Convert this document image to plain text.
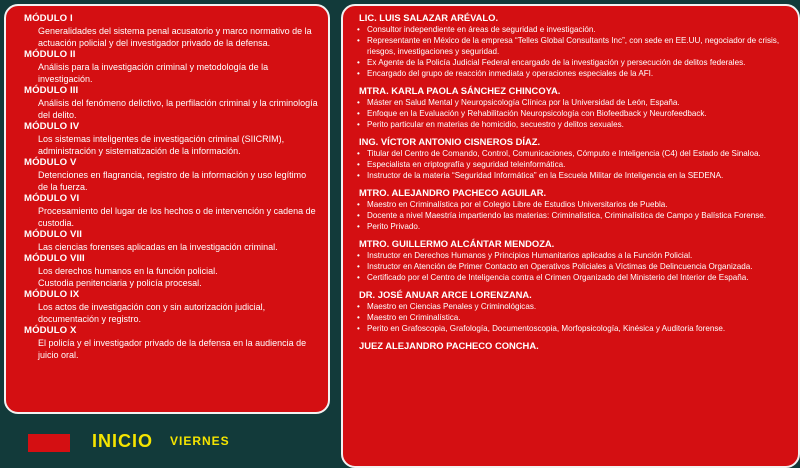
MÓDULO I
Generalidades del sistema penal acusatorio y marco normativo de la actuación policial y del investigador privado de la defensa.
MÓDULO II
Análisis para la investigación criminal y metodología de la investigación.
MÓDULO III
Análisis del fenómeno delictivo, la perfilación criminal y la criminología del delito.
MÓDULO IV
Los sistemas inteligentes de investigación criminal (SIICRIM), administración y sistematización de la información.
MÓDULO V
Detenciones en flagrancia, registro de la información y uso legítimo de la fuerza.
MÓDULO VI
Procesamiento del lugar de los hechos o de intervención y cadena de custodia.
MÓDULO VII
Las ciencias forenses aplicadas en la investigación criminal.
MÓDULO VIII
Los derechos humanos en la función policial.
Custodia penitenciaria y policía procesal.
MÓDULO IX
Los actos de investigación con y sin autorización judicial, documentación y registro.
MÓDULO X
El policía y el investigador privado de la defensa en la audiencia de juicio oral.
LIC. LUIS SALAZAR ARÉVALO.
• Consultor independiente en áreas de seguridad e investigación.
• Representante en México de la empresa “Telles Global Consultants Inc”, con sede en EE.UU, negociador de crisis, riesgos, investigaciones y seguridad.
• Ex Agente de la Policía Judicial Federal encargado de la investigación y persecución de delitos federales.
• Encargado del grupo de reacción inmediata y operaciones especiales de la AFI.
MTRA. KARLA PAOLA SÁNCHEZ CHINCOYA.
• Máster en Salud Mental y Neuropsicología Clínica por la Universidad de León, España.
• Enfoque en la Evaluación y Rehabilitación Neuropsicología con Biofeedback y Neurofeedback.
• Perito particular en materias de homicidio, secuestro y delitos sexuales.
ING. VÍCTOR ANTONIO CISNEROS DÍAZ.
• Titular del Centro de Comando, Control, Comunicaciones, Cómputo e Inteligencia (C4) del Estado de Sinaloa.
• Especialista en criptografía y seguridad teleinformática.
• Instructor de la materia “Seguridad Informática” en la Escuela Militar de Inteligencia en la SEDENA.
MTRO. ALEJANDRO PACHECO AGUILAR.
• Maestro en Criminalística por el Colegio Libre de Estudios Universitarios de Puebla.
• Docente a nivel Maestría impartiendo las materias: Criminalística, Criminalística de Campo y Balística Forense.
• Perito Privado.
MTRO. GUILLERMO ALCÁNTAR MENDOZA.
• Instructor en Derechos Humanos y Principios Humanitarios aplicados a la Función Policial.
• Instructor en Atención de Primer Contacto en Operativos Policiales a Víctimas de Delincuencia Organizada.
• Certificado por el Centro de Inteligencia contra el Crimen Organizado del Ministerio del Interior de España.
DR. JOSÉ ANUAR ARCE LORENZANA.
• Maestro en Ciencias Penales y Criminológicas.
• Maestro en Criminalística.
• Perito en Grafoscopia, Grafología, Documentoscopia, Morfopsicología, Kinésica y Auditoria forense.
JUEZ ALEJANDRO PACHECO CONCHA.
INICIO VIERNES
